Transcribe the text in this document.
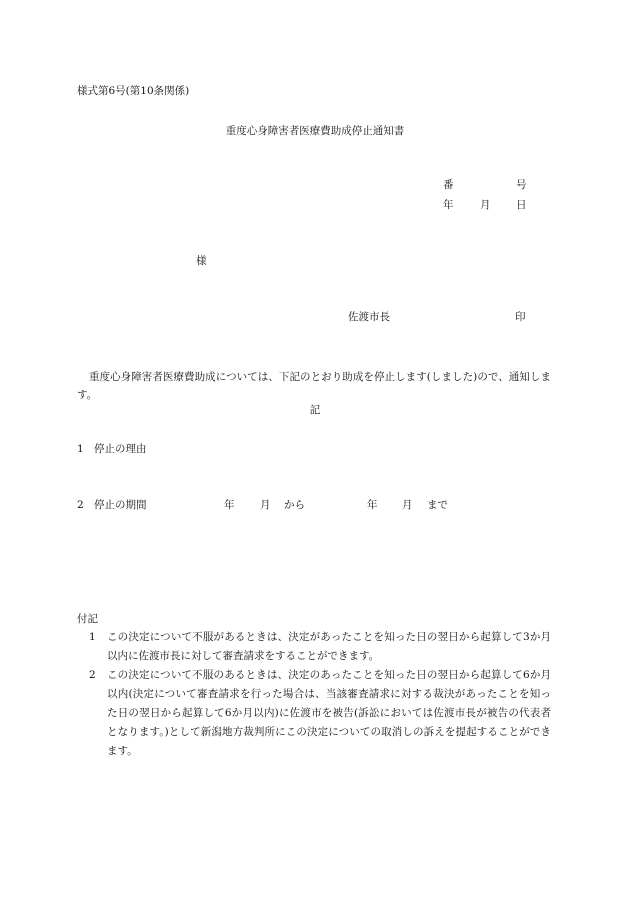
様式第6号(第10条関係)
重度心身障害者医療費助成停止通知書
番	号
年	月 日
様
佐渡市長	印
重度心身障害者医療費助成については、下記のとおり助成を停止します(しました)ので、通知します。
記
1 停止の理由
2 停止の期間	年 月 から	年 月 まで
付記
1 この決定について不服があるときは、決定があったことを知った日の翌日から起算して3か月以内に佐渡市長に対して審査請求をすることができます。
2 この決定について不服のあるときは、決定のあったことを知った日の翌日から起算して6か月以内(決定について審査請求を行った場合は、当該審査請求に対する裁決があったことを知った日の翌日から起算して6か月以内)に佐渡市を被告(訴訟においては佐渡市長が被告の代表者となります。)として新潟地方裁判所にこの決定についての取消しの訴えを提起することができます。
